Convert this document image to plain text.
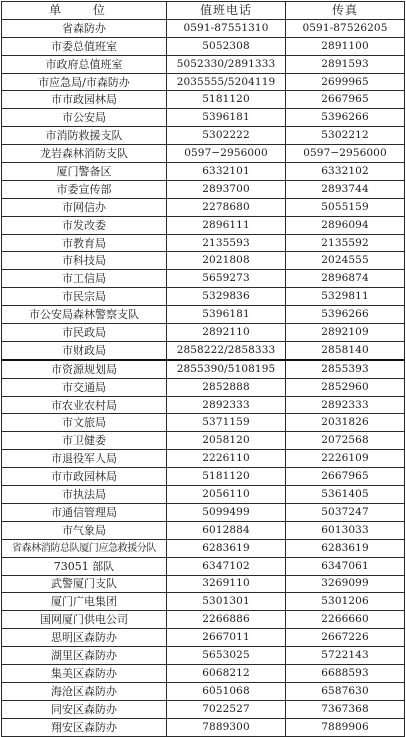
单 位	值班电话	传真
省森防办	0591-87551310	0591-87526205
市委总值班室	5052308	2891100
市政府总值班室	5052330/2891333	2891593
市应急局/市森防办	2035555/5204119	2699965
市市政园林局	5181120	2667965
市公安局	5396181	5396266
市消防救援支队	5302222	5302212
龙岩森林消防支队	0597−2956000	0597−2956000
厦门警备区	6332101	6332102
市委宣传部	2893700	2893744
市网信办	2278680	5055159
市发改委	2896111	2896094
市教育局	2135593	2135592
市科技局	2021808	2024555
市工信局	5659273	2896874
市民宗局	5329836	5329811
市公安局森林警察支队	5396181	5396266
市民政局	2892110	2892109
市财政局	2858222/2858333	2858140
市资源规划局	2855390/5108195	2855393
市交通局	2852888	2852960
市农业农村局	2892333	2892333
市文旅局	5371159	2031826
市卫健委	2058120	2072568
市退役军人局	2226110	2226109
市市政园林局	5181120	2667965
市执法局	2056110	5361405
市通信管理局	5099499	5037247
市气象局	6012884	6013033
省森林消防总队厦门应急救援分队	6283619	6283619
73051 部队	6347102	6347061
武警厦门支队	3269110	3269099
厦门广电集团	5301301	5301206
国网厦门供电公司	2266886	2266660
思明区森防办	2667011	2667226
湖里区森防办	5653025	5722143
集美区森防办	6068212	6688593
海沧区森防办	6051068	6587630
同安区森防办	7022527	7367368
翔安区森防办	7889300	7889906
